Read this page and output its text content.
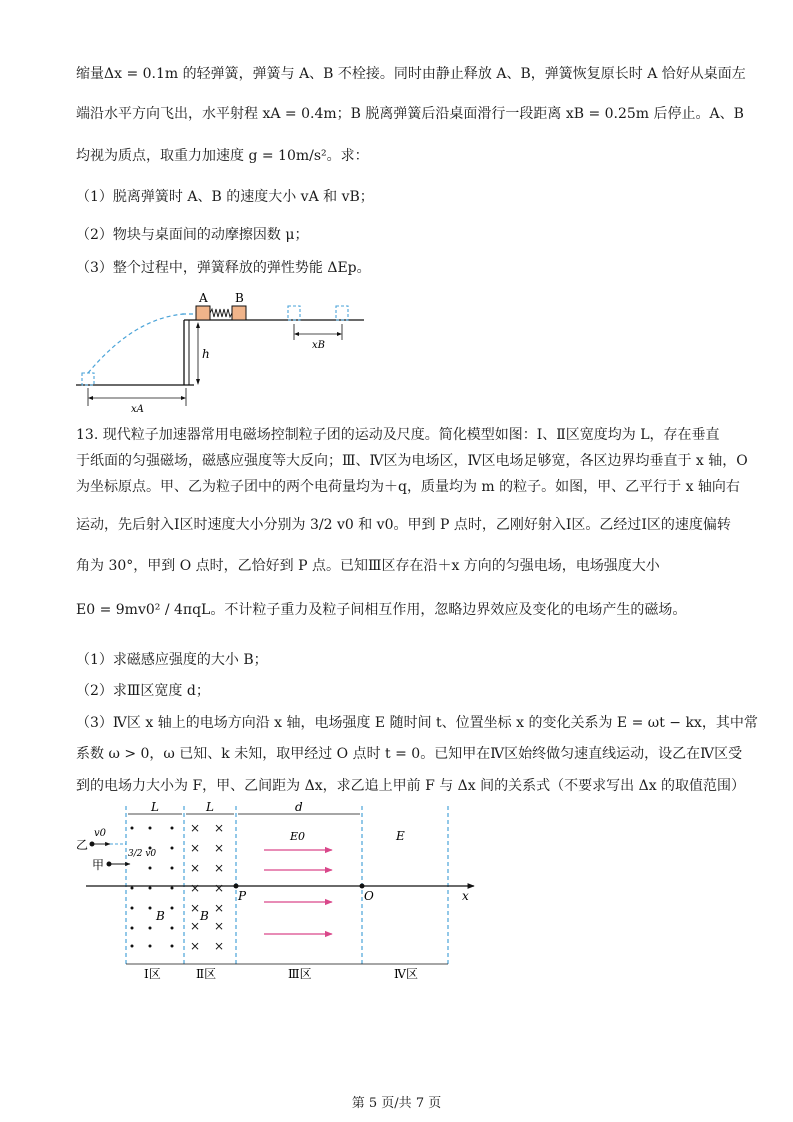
缩量Δx = 0.1m 的轻弹簧，弹簧与 A、B 不栓接。同时由静止释放 A、B，弹簧恢复原长时 A 恰好从桌面左
端沿水平方向飞出，水平射程 xA = 0.4m；B 脱离弹簧后沿桌面滑行一段距离 xB = 0.25m 后停止。A、B
均视为质点，取重力加速度 g = 10m/s²。求：
（1）脱离弹簧时 A、B 的速度大小 vA 和 vB；
（2）物块与桌面间的动摩擦因数 μ；
（3）整个过程中，弹簧释放的弹性势能 ΔEp。
A B
xB
h
xA
13. 现代粒子加速器常用电磁场控制粒子团的运动及尺度。简化模型如图：Ⅰ、Ⅱ区宽度均为 L，存在垂直
于纸面的匀强磁场，磁感应强度等大反向；Ⅲ、Ⅳ区为电场区，Ⅳ区电场足够宽，各区边界均垂直于 x 轴，O
为坐标原点。甲、乙为粒子团中的两个电荷量均为＋q，质量均为 m 的粒子。如图，甲、乙平行于 x 轴向右
运动，先后射入Ⅰ区时速度大小分别为 3/2 v0 和 v0。甲到 P 点时，乙刚好射入Ⅰ区。乙经过Ⅰ区的速度偏转
角为 30°，甲到 O 点时，乙恰好到 P 点。已知Ⅲ区存在沿＋x 方向的匀强电场，电场强度大小
E0 = 9mv0² / 4πqL。不计粒子重力及粒子间相互作用，忽略边界效应及变化的电场产生的磁场。
（1）求磁感应强度的大小 B；
（2）求Ⅲ区宽度 d；
（3）Ⅳ区 x 轴上的电场方向沿 x 轴，电场强度 E 随时间 t、位置坐标 x 的变化关系为 E = ωt − kx，其中常
系数 ω > 0，ω 已知、k 未知，取甲经过 O 点时 t = 0。已知甲在Ⅳ区始终做匀速直线运动，设乙在Ⅳ区受
到的电场力大小为 F，甲、乙间距为 Δx，求乙追上甲前 F 与 Δx 间的关系式（不要求写出 Δx 的取值范围）
L	L	d
× ×
× ×
× ×
× ×
× ×
× ×
× ×
B	B
E0	E
x
P	O
乙
v0
甲
3/2 v0
Ⅰ区	Ⅱ区	Ⅲ区	Ⅳ区
第 5 页/共 7 页
